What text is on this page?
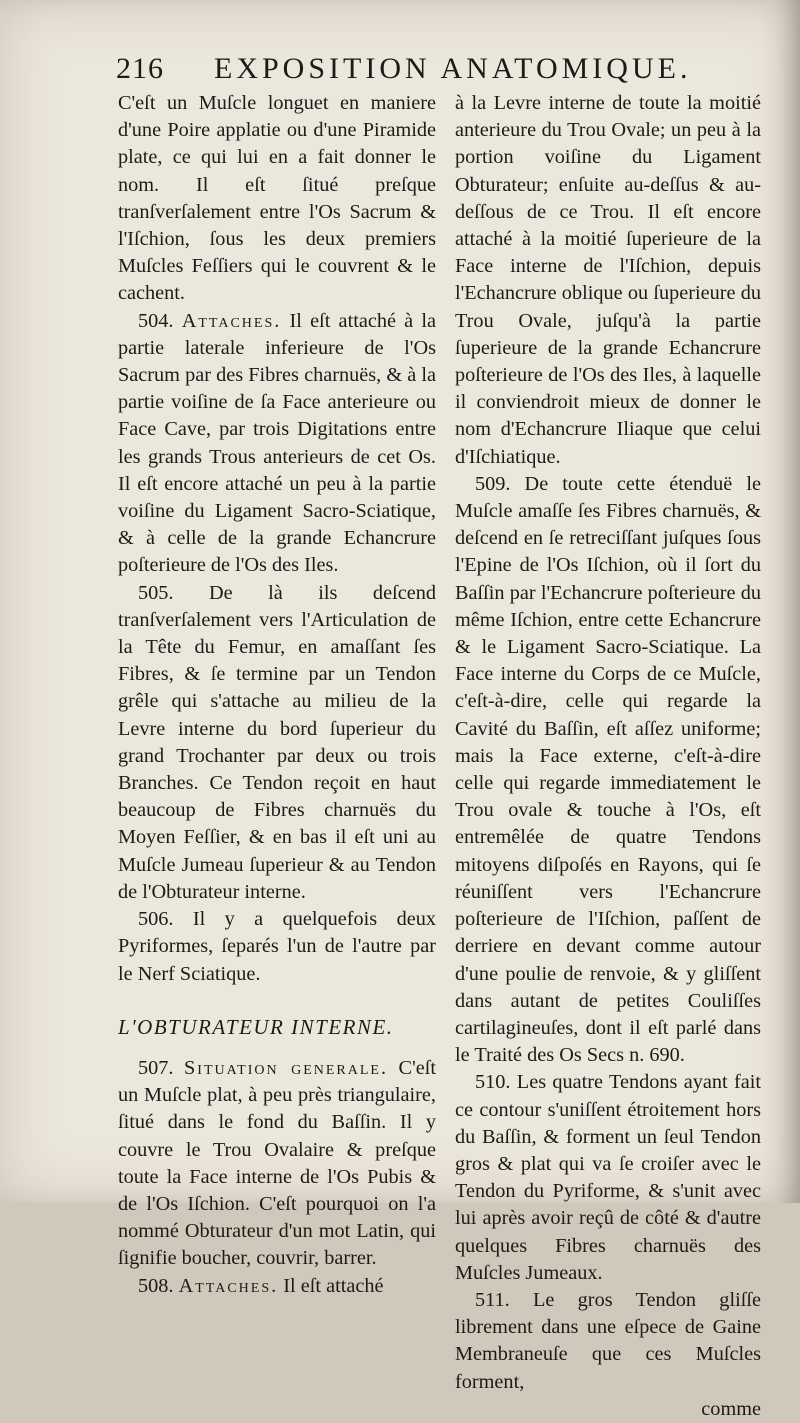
216 EXPOSITION ANATOMIQUE.

C'eſt un Muſcle longuet en maniere d'une Poire applatie ou d'une Piramide plate, ce qui lui en a fait donner le nom. Il eſt ſitué preſque tranſverſalement entre l'Os Sacrum & l'Iſchion, ſous les deux premiers Muſcles Feſſiers qui le couvrent & le cachent.

504. Attaches. Il eſt attaché à la partie laterale inferieure de l'Os Sacrum par des Fibres charnuës, & à la partie voiſine de ſa Face anterieure ou Face Cave, par trois Digitations entre les grands Trous anterieurs de cet Os. Il eſt encore attaché un peu à la partie voiſine du Ligament Sacro-Sciatique, & à celle de la grande Echancrure poſterieure de l'Os des Iles.

505. De là ils deſcend tranſverſalement vers l'Articulation de la Tête du Femur, en amaſſant ſes Fibres, & ſe termine par un Tendon grêle qui s'attache au milieu de la Levre interne du bord ſuperieur du grand Trochanter par deux ou trois Branches. Ce Tendon reçoit en haut beaucoup de Fibres charnuës du Moyen Feſſier, & en bas il eſt uni au Muſcle Jumeau ſuperieur & au Tendon de l'Obturateur interne.

506. Il y a quelquefois deux Pyriformes, ſeparés l'un de l'autre par le Nerf Sciatique.

L'OBTURATEUR INTERNE.

507. Situation generale. C'eſt un Muſcle plat, à peu près triangulaire, ſitué dans le fond du Baſſin. Il y couvre le Trou Ovalaire & preſque toute la Face interne de l'Os Pubis & de l'Os Iſchion. C'eſt pourquoi on l'a nommé Obturateur d'un mot Latin, qui ſignifie boucher, couvrir, barrer.

508. Attaches. Il eſt attaché

à la Levre interne de toute la moitié anterieure du Trou Ovale; un peu à la portion voiſine du Ligament Obturateur; enſuite au-deſſus & au-deſſous de ce Trou. Il eſt encore attaché à la moitié ſuperieure de la Face interne de l'Iſchion, depuis l'Echancrure oblique ou ſuperieure du Trou Ovale, juſqu'à la partie ſuperieure de la grande Echancrure poſterieure de l'Os des Iles, à laquelle il conviendroit mieux de donner le nom d'Echancrure Iliaque que celui d'Iſchiatique.

509. De toute cette étenduë le Muſcle amaſſe ſes Fibres charnuës, & deſcend en ſe retreciſſant juſques ſous l'Epine de l'Os Iſchion, où il ſort du Baſſin par l'Echancrure poſterieure du même Iſchion, entre cette Echancrure & le Ligament Sacro-Sciatique. La Face interne du Corps de ce Muſcle, c'eſt-à-dire, celle qui regarde la Cavité du Baſſin, eſt aſſez uniforme; mais la Face externe, c'eſt-à-dire celle qui regarde immediatement le Trou ovale & touche à l'Os, eſt entremêlée de quatre Tendons mitoyens diſpoſés en Rayons, qui ſe réuniſſent vers l'Echancrure poſterieure de l'Iſchion, paſſent de derriere en devant comme autour d'une poulie de renvoie, & y gliſſent dans autant de petites Couliſſes cartilagineuſes, dont il eſt parlé dans le Traité des Os Secs n. 690.

510. Les quatre Tendons ayant fait ce contour s'uniſſent étroitement hors du Baſſin, & forment un ſeul Tendon gros & plat qui va ſe croiſer avec le Tendon du Pyriforme, & s'unit avec lui après avoir reçû de côté & d'autre quelques Fibres charnuës des Muſcles Jumeaux.

511. Le gros Tendon gliſſe librement dans une eſpece de Gaine Membraneuſe que ces Muſcles forment,

comme
